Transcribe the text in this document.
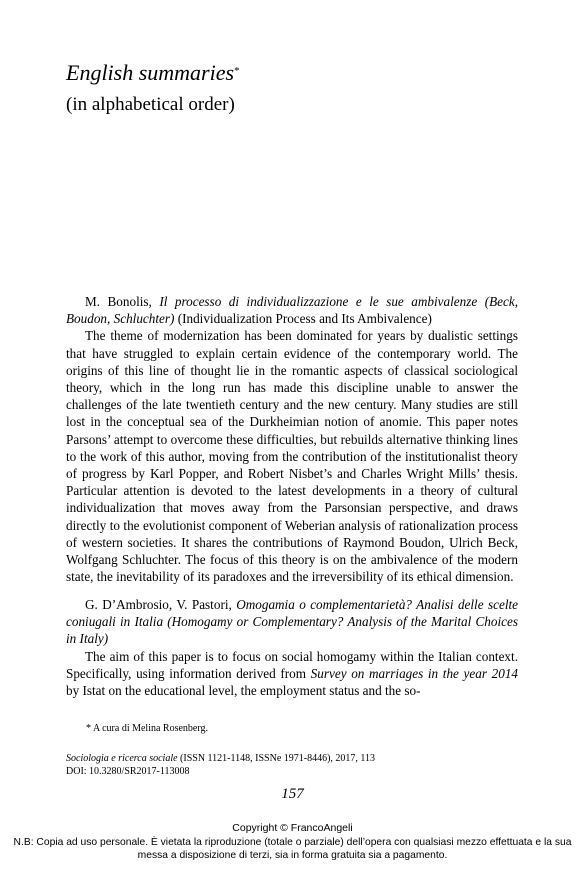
English summaries*
(in alphabetical order)

M. Bonolis, Il processo di individualizzazione e le sue ambivalenze (Beck, Boudon, Schluchter) (Individualization Process and Its Ambivalence)

The theme of modernization has been dominated for years by dualistic settings that have struggled to explain certain evidence of the contemporary world. The origins of this line of thought lie in the romantic aspects of classical sociological theory, which in the long run has made this discipline unable to answer the challenges of the late twentieth century and the new century. Many studies are still lost in the conceptual sea of the Durkheimian notion of anomie. This paper notes Parsons’ attempt to overcome these difficulties, but rebuilds alternative thinking lines to the work of this author, moving from the contribution of the institutionalist theory of progress by Karl Popper, and Robert Nisbet’s and Charles Wright Mills’ thesis. Particular attention is devoted to the latest developments in a theory of cultural individualization that moves away from the Parsonsian perspective, and draws directly to the evolutionist component of Weberian analysis of rationalization process of western societies. It shares the contributions of Raymond Boudon, Ulrich Beck, Wolfgang Schluchter. The focus of this theory is on the ambivalence of the modern state, the inevitability of its paradoxes and the irreversibility of its ethical dimension.

G. D’Ambrosio, V. Pastori, Omogamia o complementarietà? Analisi delle scelte coniugali in Italia (Homogamy or Complementary? Analysis of the Marital Choices in Italy)

The aim of this paper is to focus on social homogamy within the Italian context. Specifically, using information derived from Survey on marriages in the year 2014 by Istat on the educational level, the employment status and the so-

* A cura di Melina Rosenberg.
Sociologia e ricerca sociale (ISSN 1121-1148, ISSNe 1971-8446), 2017, 113
DOI: 10.3280/SR2017-113008
157
Copyright © FrancoAngeli
N.B: Copia ad uso personale. È vietata la riproduzione (totale o parziale) dell’opera con qualsiasi mezzo effettuata e la sua messa a disposizione di terzi, sia in forma gratuita sia a pagamento.
